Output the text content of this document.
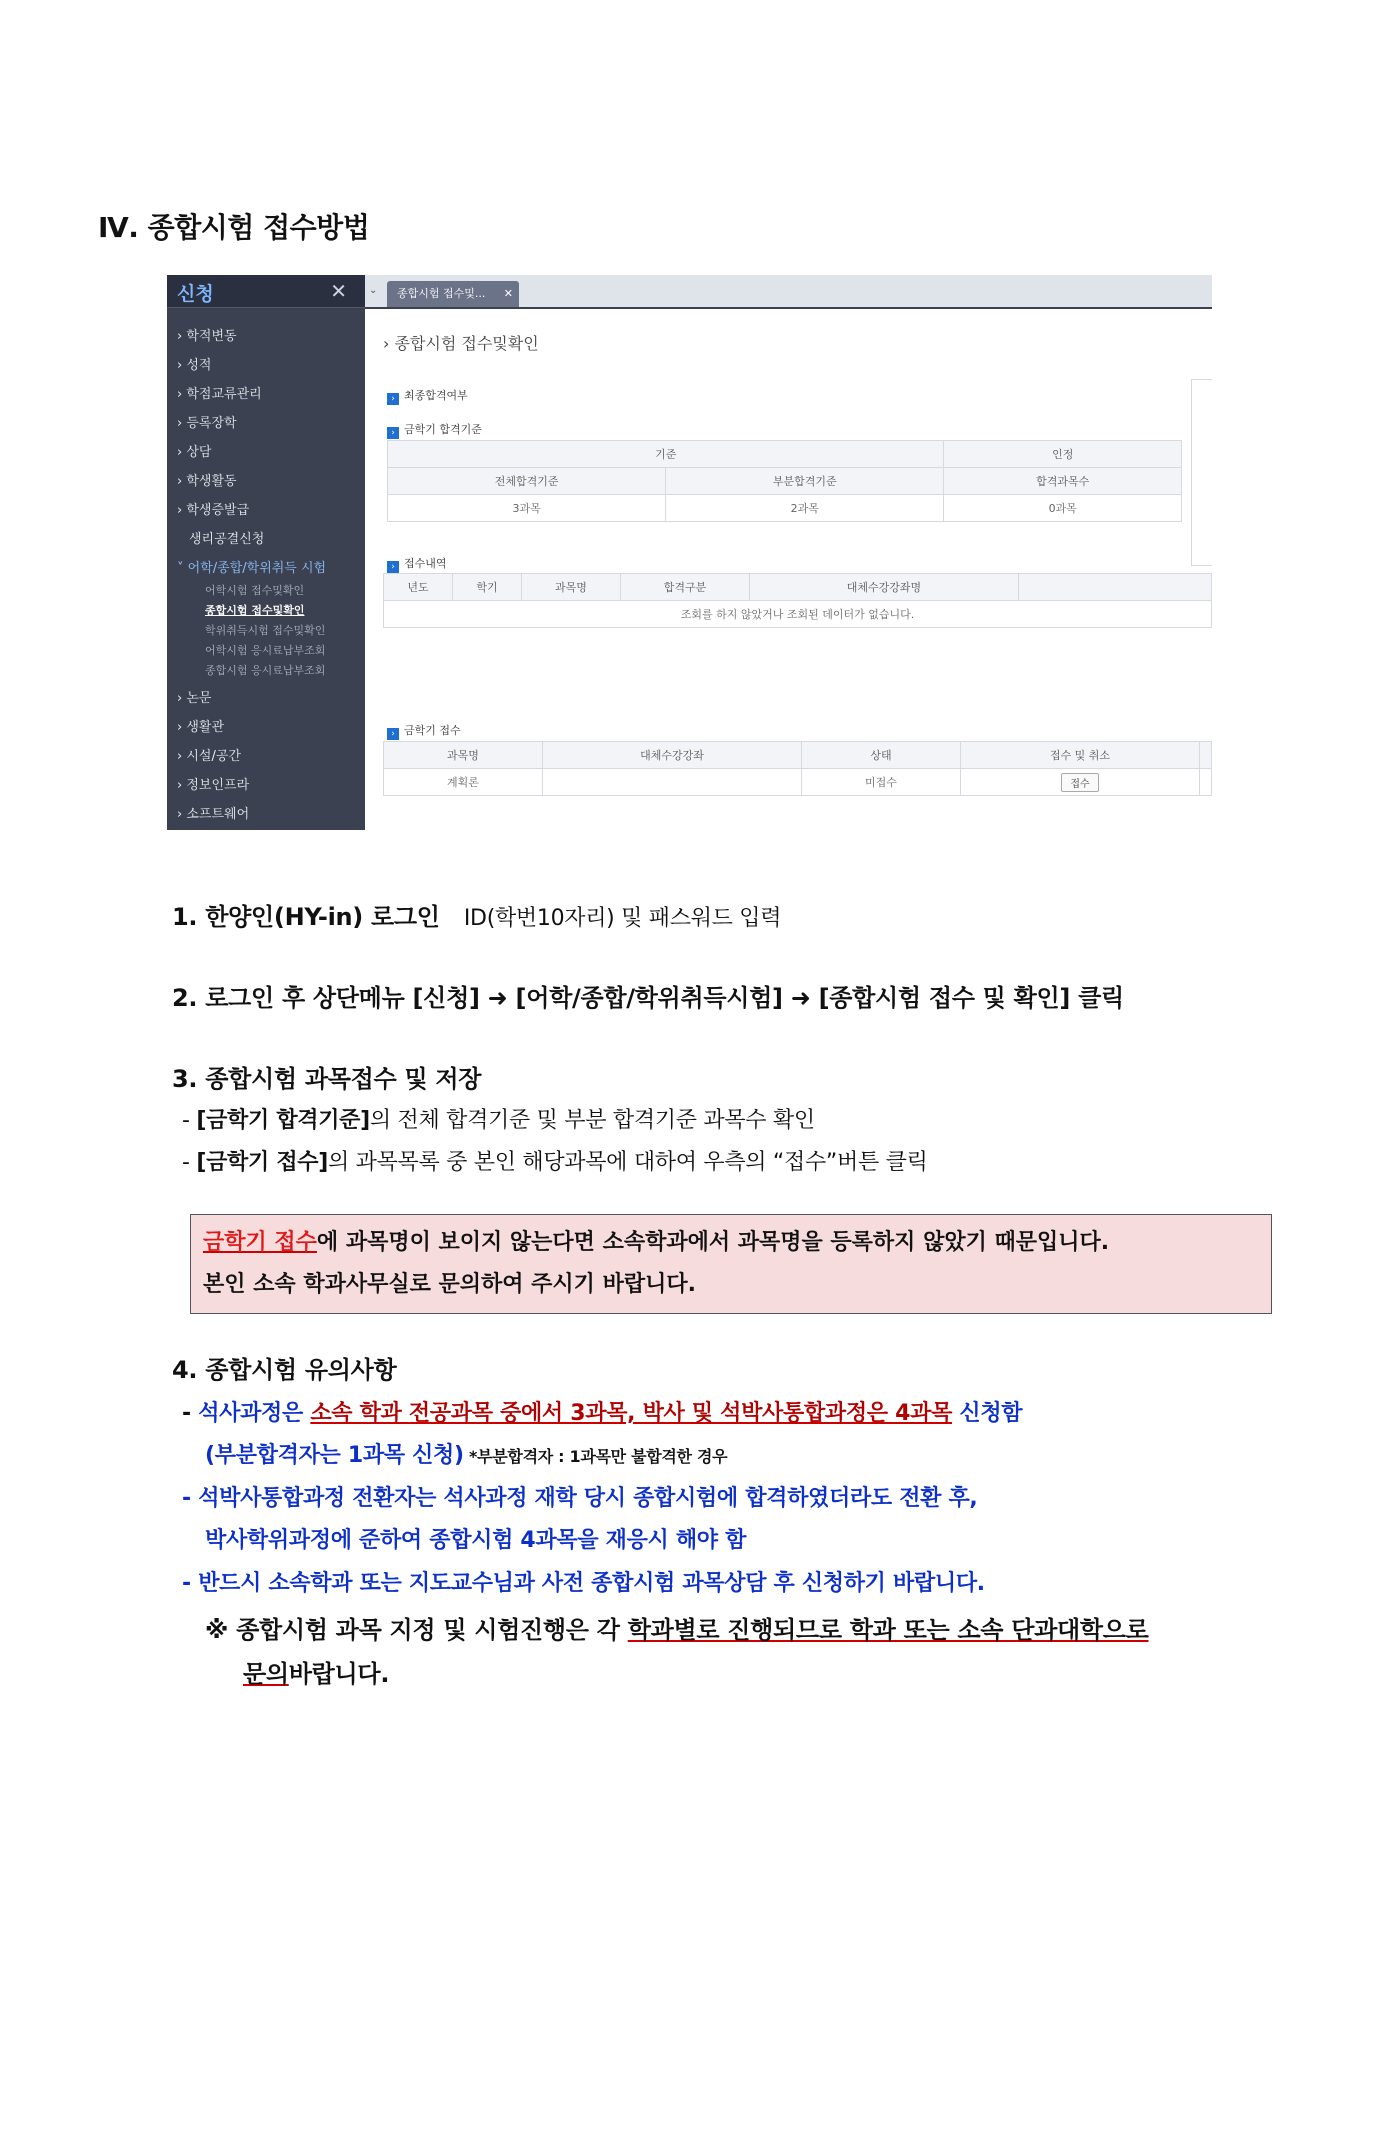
Ⅳ. 종합시험 접수방법
신청	✕
› 학적변동
› 성적
› 학점교류관리
› 등록장학
› 상담
› 학생활동
› 학생증발급
생리공결신청
˅ 어학/종합/학위취득 시험
어학시험 접수및확인
종합시험 접수및확인
학위취득시험 접수및확인
어학시험 응시료납부조회
종합시험 응시료납부조회
› 논문
› 생활관
› 시설/공간
› 정보인프라
› 소프트웨어
⌄	종합시험 접수및... ✕
› 종합시험 접수및확인
› 최종합격여부
› 금학기 합격기준
기준		인정
전체합격기준	부분합격기준	합격과목수
3과목	2과목	0과목
› 접수내역
년도	학기	과목명	합격구분	대체수강강좌명	
조회를 하지 않았거나 조회된 데이터가 없습니다.
› 금학기 접수
과목명	대체수강강좌	상태	접수 및 취소	
계획론		미접수	접수	
1. 한양인(HY-in) 로그인 ID(학번10자리) 및 패스워드 입력
2. 로그인 후 상단메뉴 [신청] ➜ [어학/종합/학위취득시험] ➜ [종합시험 접수 및 확인] 클릭
3. 종합시험 과목접수 및 저장
- [금학기 합격기준]의 전체 합격기준 및 부분 합격기준 과목수 확인
- [금학기 접수]의 과목목록 중 본인 해당과목에 대하여 우측의 “접수”버튼 클릭
금학기 접수에 과목명이 보이지 않는다면 소속학과에서 과목명을 등록하지 않았기 때문입니다.
본인 소속 학과사무실로 문의하여 주시기 바랍니다.
4. 종합시험 유의사항
- 석사과정은 소속 학과 전공과목 중에서 3과목, 박사 및 석박사통합과정은 4과목 신청함
(부분합격자는 1과목 신청) *부분합격자 : 1과목만 불합격한 경우
- 석박사통합과정 전환자는 석사과정 재학 당시 종합시험에 합격하였더라도 전환 후,
박사학위과정에 준하여 종합시험 4과목을 재응시 해야 함
- 반드시 소속학과 또는 지도교수님과 사전 종합시험 과목상담 후 신청하기 바랍니다.
※ 종합시험 과목 지정 및 시험진행은 각 학과별로 진행되므로 학과 또는 소속 단과대학으로
문의바랍니다.
